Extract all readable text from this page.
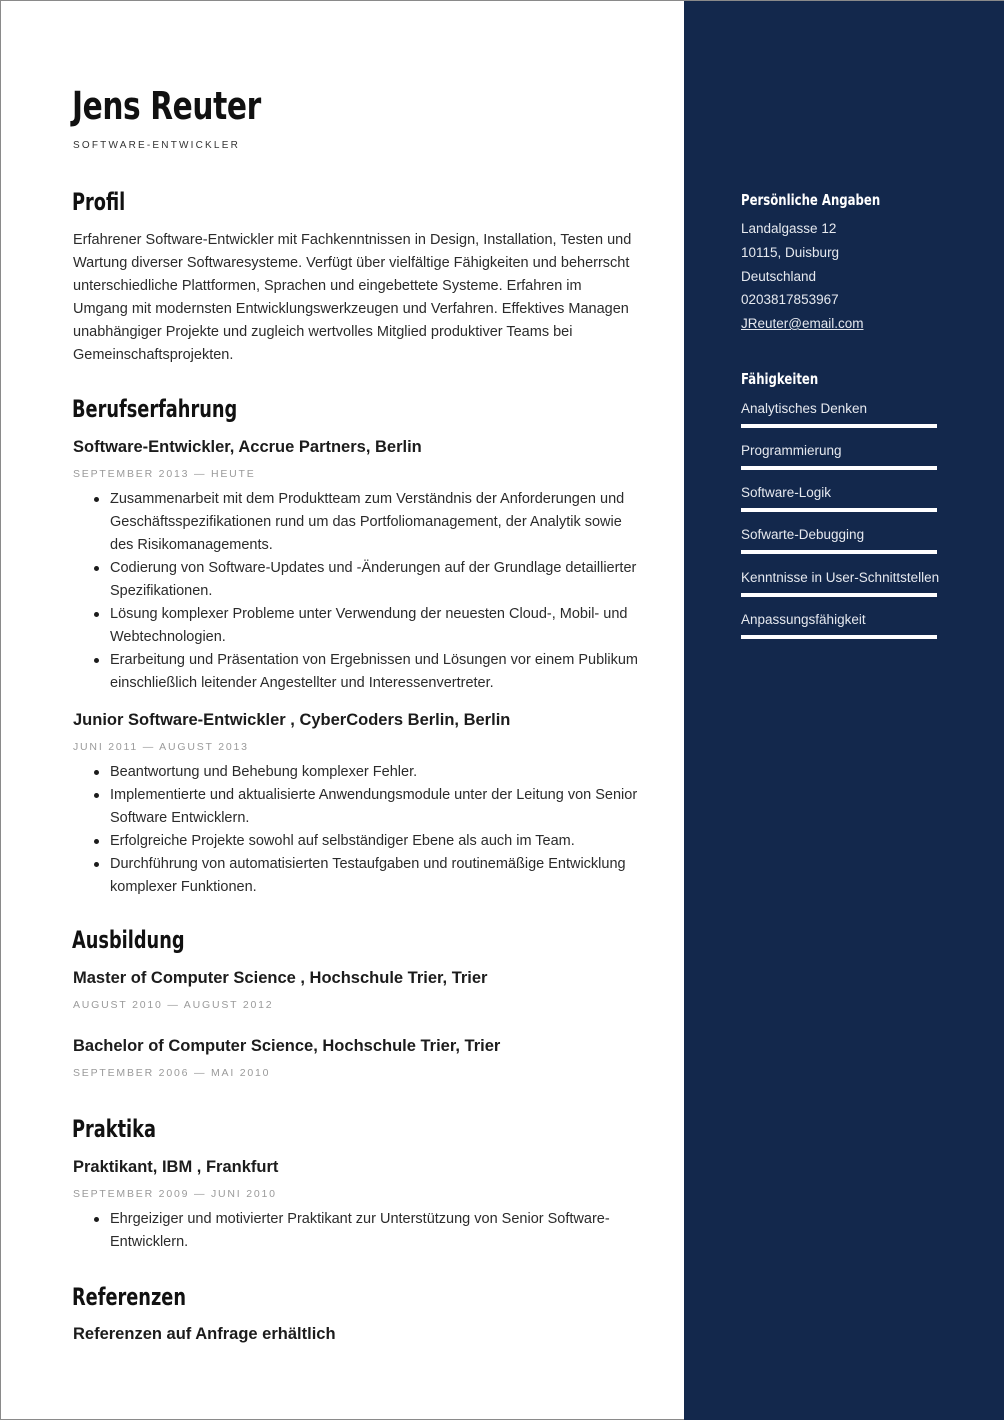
Jens Reuter
SOFTWARE-ENTWICKLER
Profil

Erfahrener Software-Entwickler mit Fachkenntnissen in Design, Installation, Testen und Wartung diverser Softwaresysteme. Verfügt über vielfältige Fähigkeiten und beherrscht unterschiedliche Plattformen, Sprachen und eingebettete Systeme. Erfahren im Umgang mit modernsten Entwicklungswerkzeugen und Verfahren. Effektives Managen unabhängiger Projekte und zugleich wertvolles Mitglied produktiver Teams bei Gemeinschaftsprojekten.

Berufserfahrung
Software-Entwickler, Accrue Partners, Berlin
SEPTEMBER 2013 — HEUTE
Zusammenarbeit mit dem Produktteam zum Verständnis der Anforderungen und Geschäftsspezifikationen rund um das Portfoliomanagement, der Analytik sowie des Risikomanagements.
Codierung von Software-Updates und -Änderungen auf der Grundlage detaillierter Spezifikationen.
Lösung komplexer Probleme unter Verwendung der neuesten Cloud-, Mobil- und Webtechnologien.
Erarbeitung und Präsentation von Ergebnissen und Lösungen vor einem Publikum einschließlich leitender Angestellter und Interessenvertreter.
Junior Software-Entwickler , CyberCoders Berlin, Berlin
JUNI 2011 — AUGUST 2013
Beantwortung und Behebung komplexer Fehler.
Implementierte und aktualisierte Anwendungsmodule unter der Leitung von Senior Software Entwicklern.
Erfolgreiche Projekte sowohl auf selbständiger Ebene als auch im Team.
Durchführung von automatisierten Testaufgaben und routinemäßige Entwicklung komplexer Funktionen.
Ausbildung
Master of Computer Science , Hochschule Trier, Trier
AUGUST 2010 — AUGUST 2012
Bachelor of Computer Science, Hochschule Trier, Trier
SEPTEMBER 2006 — MAI 2010
Praktika
Praktikant, IBM , Frankfurt
SEPTEMBER 2009 — JUNI 2010
Ehrgeiziger und motivierter Praktikant zur Unterstützung von Senior Software-Entwicklern.
Referenzen
Referenzen auf Anfrage erhältlich
Persönliche Angaben
Landalgasse 12
10115, Duisburg
Deutschland
0203817853967
JReuter@email.com
Fähigkeiten
Analytisches Denken
Programmierung
Software-Logik
Sofwarte-Debugging
Kenntnisse in User-Schnittstellen
Anpassungsfähigkeit
